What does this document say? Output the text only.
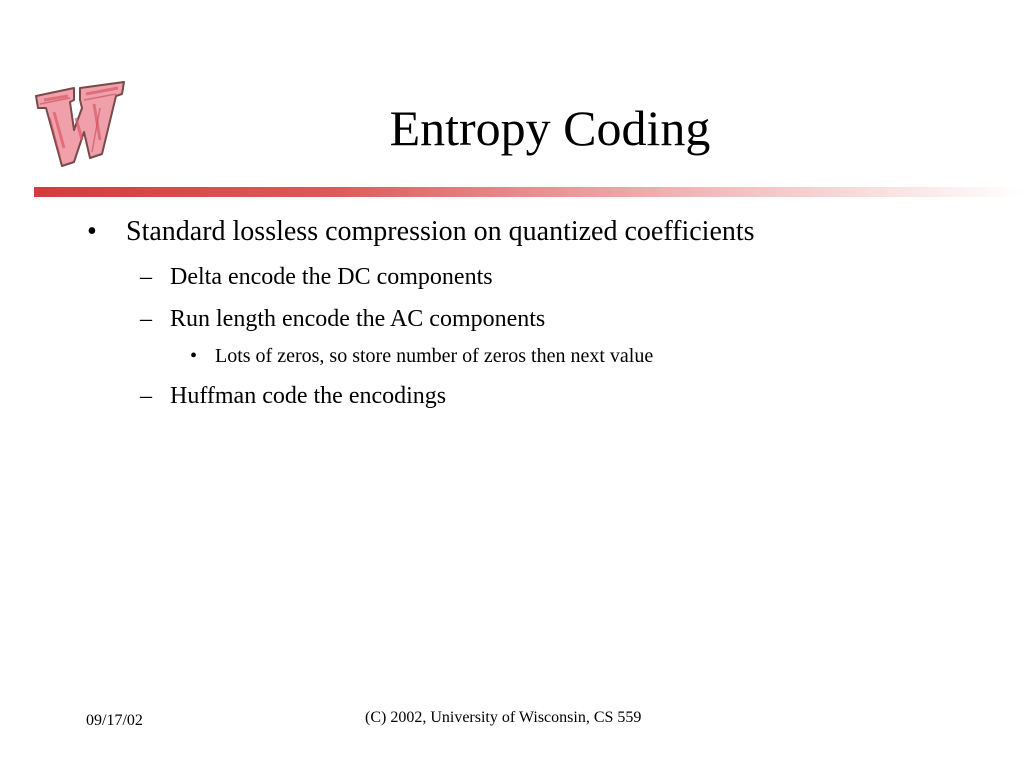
Entropy Coding
• Standard lossless compression on quantized coefficients
– Delta encode the DC components
– Run length encode the AC components
• Lots of zeros, so store number of zeros then next value
– Huffman code the encodings
09/17/02	(C) 2002, University of Wisconsin, CS 559
